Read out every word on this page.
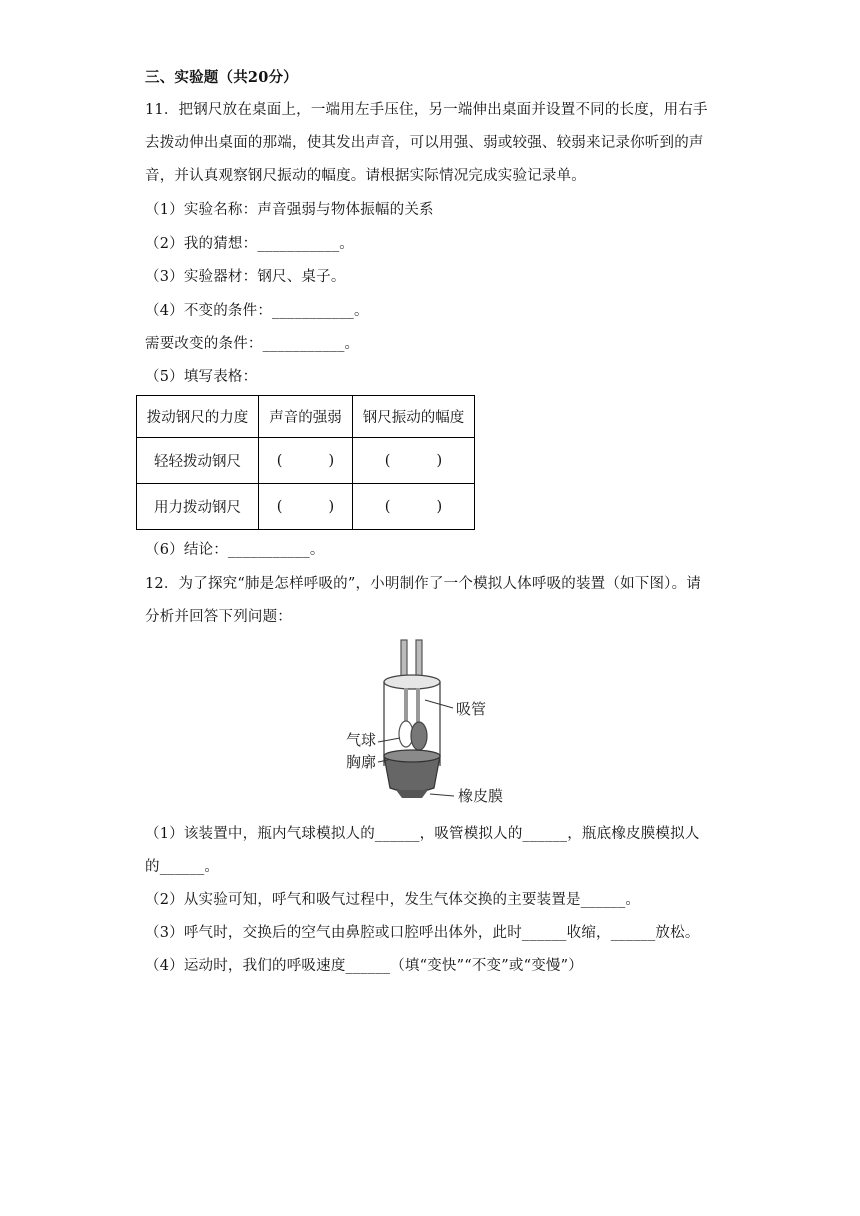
三、实验题（共20分）
11．把钢尺放在桌面上，一端用左手压住，另一端伸出桌面并设置不同的长度，用右手
去拨动伸出桌面的那端，使其发出声音，可以用强、弱或较强、较弱来记录你听到的声
音，并认真观察钢尺振动的幅度。请根据实际情况完成实验记录单。
（1）实验名称：声音强弱与物体振幅的关系
（2）我的猜想：___________。
（3）实验器材：钢尺、桌子。
（4）不变的条件：___________。
需要改变的条件：___________。
（5）填写表格：
拨动钢尺的力度	声音的强弱	钢尺振动的幅度
轻轻拨动钢尺	(          )	(          )
用力拨动钢尺	(          )	(          )
（6）结论：___________。
12．为了探究“肺是怎样呼吸的”，小明制作了一个模拟人体呼吸的装置（如下图）。请
分析并回答下列问题：
吸管
气球
胸廓
橡皮膜
（1）该装置中，瓶内气球模拟人的______，吸管模拟人的______，瓶底橡皮膜模拟人
的______。
（2）从实验可知，呼气和吸气过程中，发生气体交换的主要装置是______。
（3）呼气时，交换后的空气由鼻腔或口腔呼出体外，此时______收缩，______放松。
（4）运动时，我们的呼吸速度______（填“变快”“不变”或“变慢”）
